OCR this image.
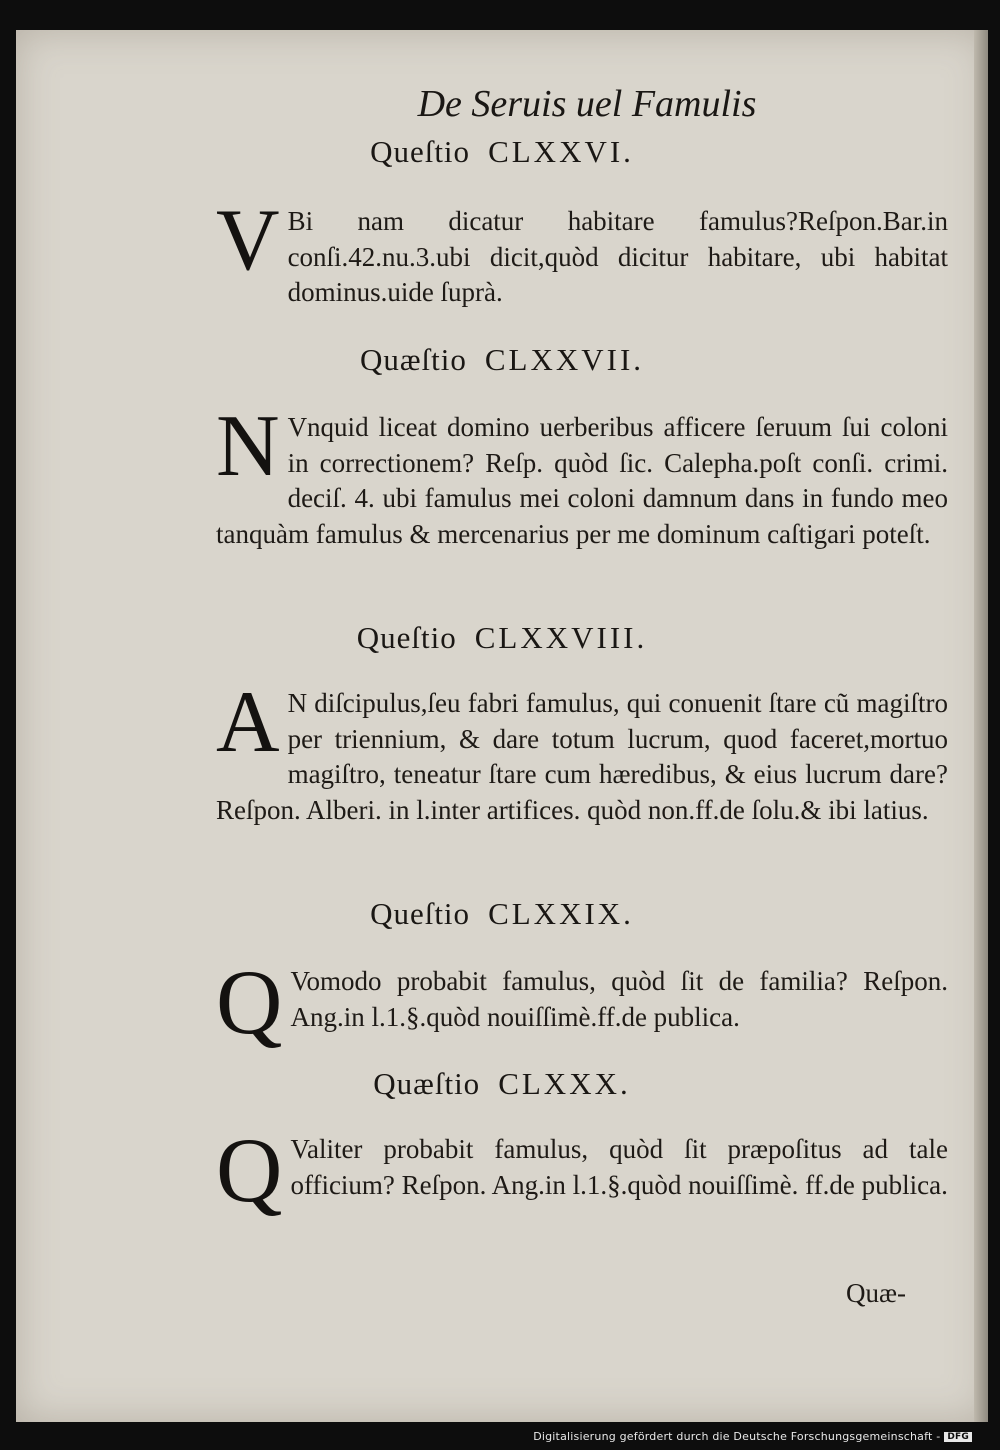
De Seruis uel Famulis
Queſtio CLXXVI.
V Bi nam dicatur habitare famulus?Reſpon.Bar.in conſi.42.nu.3.ubi dicit,quòd dicitur habitare, ubi habitat dominus.uide ſuprà.
Quæſtio CLXXVII.
N Vnquid liceat domino uerberibus afficere ſeruum ſui coloni in correctionem? Reſp. quòd ſic. Calepha.poſt conſi. crimi. deciſ. 4. ubi famulus mei coloni damnum dans in fundo meo tanquàm famulus & mercenarius per me dominum caſtigari poteſt.
Queſtio CLXXVIII.
A N diſcipulus,ſeu fabri famulus, qui conuenit ſtare cũ magiſtro per triennium, & dare totum lucrum, quod faceret,mortuo magiſtro, teneatur ſtare cum hæredibus, & eius lucrum dare? Reſpon. Alberi. in l.inter artifices. quòd non.ff.de ſolu.& ibi latius.
Queſtio CLXXIX.
Q Vomodo probabit famulus, quòd ſit de familia? Reſpon. Ang.in l.1.§.quòd nouiſſimè.ff.de publica.
Quæſtio CLXXX.
Q Valiter probabit famulus, quòd ſit præpoſitus ad tale officium? Reſpon. Ang.in l.1.§.quòd nouiſſimè. ff.de publica.
Quæ-
Digitalisierung gefördert durch die Deutsche Forschungsgemeinschaft - DFG
